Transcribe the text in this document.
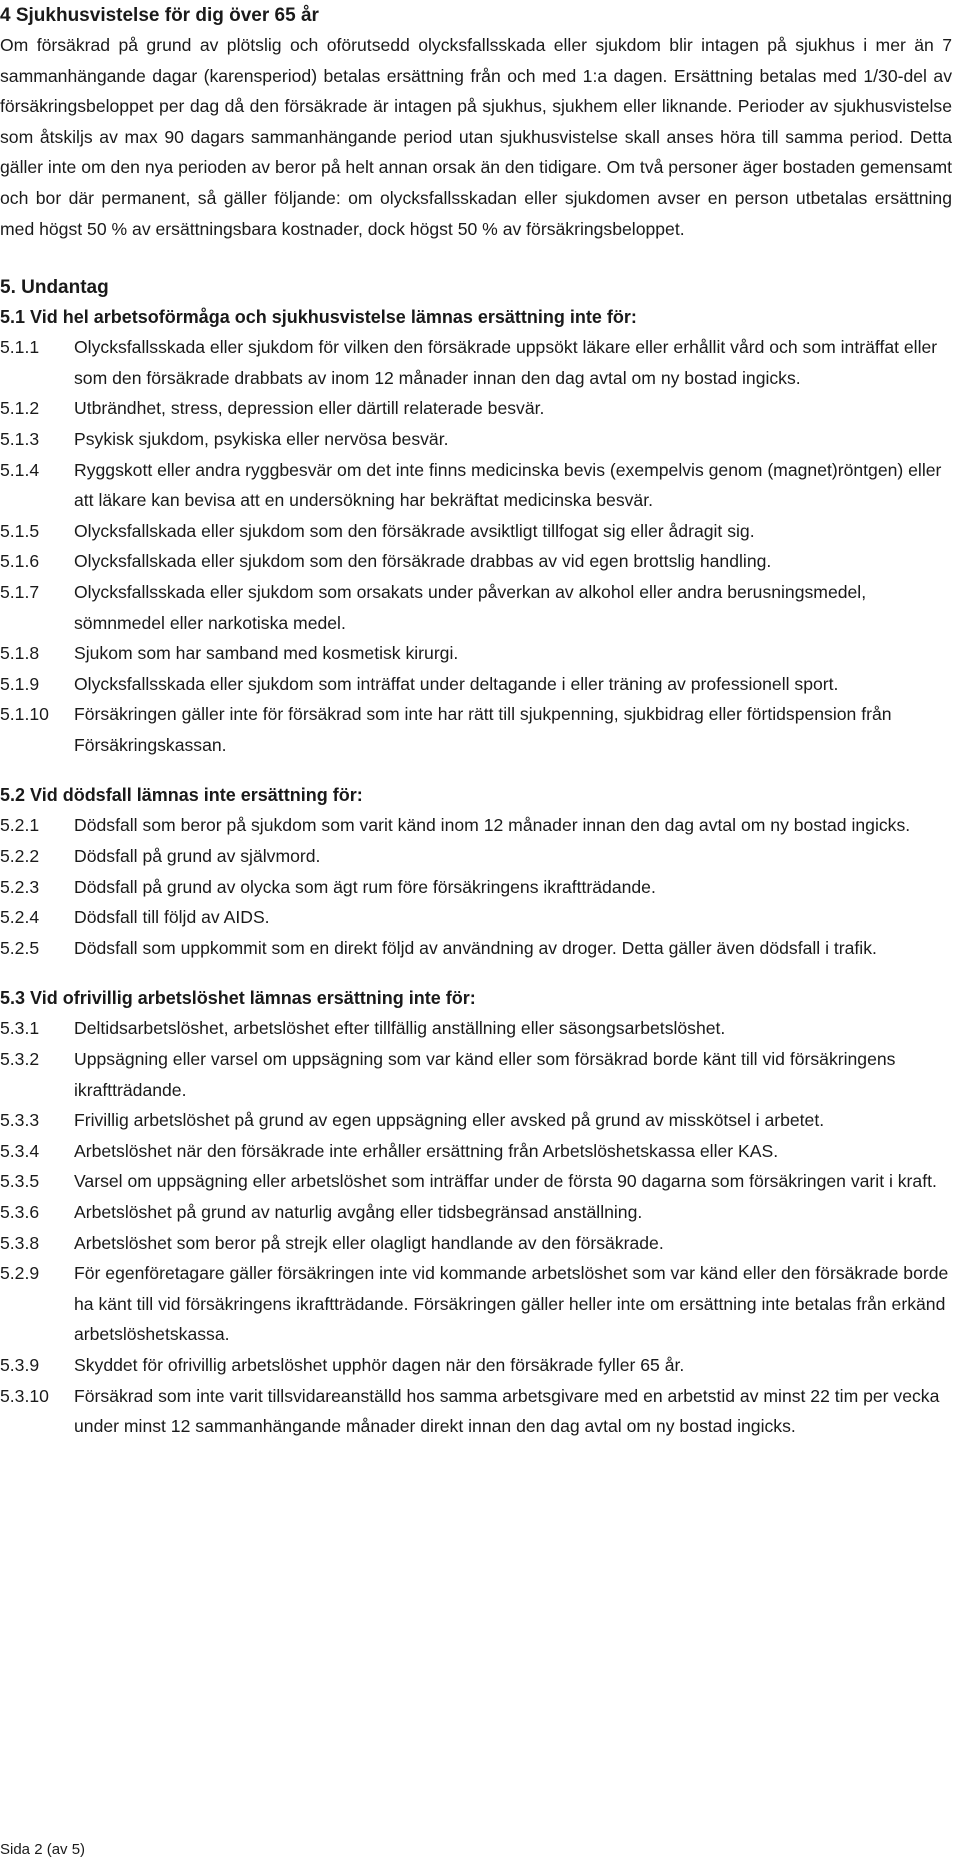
4 Sjukhusvistelse för dig över 65 år

Om försäkrad på grund av plötslig och oförutsedd olycksfallsskada eller sjukdom blir intagen på sjukhus i mer än 7 sammanhängande dagar (karensperiod) betalas ersättning från och med 1:a dagen. Ersättning betalas med 1/30-del av försäkringsbeloppet per dag då den försäkrade är intagen på sjukhus, sjukhem eller liknande. Perioder av sjukhusvistelse som åtskiljs av max 90 dagars sammanhängande period utan sjukhusvistelse skall anses höra till samma period. Detta gäller inte om den nya perioden av beror på helt annan orsak än den tidigare. Om två personer äger bostaden gemensamt och bor där permanent, så gäller följande: om olycksfallsskadan eller sjukdomen avser en person utbetalas ersättning med högst 50 % av ersättningsbara kostnader, dock högst 50 % av försäkringsbeloppet.

5. Undantag
5.1 Vid hel arbetsoförmåga och sjukhusvistelse lämnas ersättning inte för:
5.1.1	Olycksfallsskada eller sjukdom för vilken den försäkrade uppsökt läkare eller erhållit vård och som inträffat eller som den försäkrade drabbats av inom 12 månader innan den dag avtal om ny bostad ingicks.
5.1.2	Utbrändhet, stress, depression eller därtill relaterade besvär.
5.1.3	Psykisk sjukdom, psykiska eller nervösa besvär.
5.1.4	Ryggskott eller andra ryggbesvär om det inte finns medicinska bevis (exempelvis genom (magnet)röntgen) eller att läkare kan bevisa att en undersökning har bekräftat medicinska besvär.
5.1.5	Olycksfallskada eller sjukdom som den försäkrade avsiktligt tillfogat sig eller ådragit sig.
5.1.6	Olycksfallskada eller sjukdom som den försäkrade drabbas av vid egen brottslig handling.
5.1.7	Olycksfallsskada eller sjukdom som orsakats under påverkan av alkohol eller andra berusningsmedel, sömnmedel eller narkotiska medel.
5.1.8	Sjukom som har samband med kosmetisk kirurgi.
5.1.9	Olycksfallsskada eller sjukdom som inträffat under deltagande i eller träning av professionell sport.
5.1.10	Försäkringen gäller inte för försäkrad som inte har rätt till sjukpenning, sjukbidrag eller förtidspension från Försäkringskassan.
5.2 Vid dödsfall lämnas inte ersättning för:
5.2.1	Dödsfall som beror på sjukdom som varit känd inom 12 månader innan den dag avtal om ny bostad ingicks.
5.2.2	Dödsfall på grund av självmord.
5.2.3	Dödsfall på grund av olycka som ägt rum före försäkringens ikraftträdande.
5.2.4	Dödsfall till följd av AIDS.
5.2.5	Dödsfall som uppkommit som en direkt följd av användning av droger. Detta gäller även dödsfall i trafik.
5.3 Vid ofrivillig arbetslöshet lämnas ersättning inte för:
5.3.1	Deltidsarbetslöshet, arbetslöshet efter tillfällig anställning eller säsongsarbetslöshet.
5.3.2	Uppsägning eller varsel om uppsägning som var känd eller som försäkrad borde känt till vid försäkringens ikraftträdande.
5.3.3	Frivillig arbetslöshet på grund av egen uppsägning eller avsked på grund av misskötsel i arbetet.
5.3.4	Arbetslöshet när den försäkrade inte erhåller ersättning från Arbetslöshetskassa eller KAS.
5.3.5	Varsel om uppsägning eller arbetslöshet som inträffar under de första 90 dagarna som försäkringen varit i kraft.
5.3.6	Arbetslöshet på grund av naturlig avgång eller tidsbegränsad anställning.
5.3.8	Arbetslöshet som beror på strejk eller olagligt handlande av den försäkrade.
5.2.9	För egenföretagare gäller försäkringen inte vid kommande arbetslöshet som var känd eller den försäkrade borde ha känt till vid försäkringens ikraftträdande. Försäkringen gäller heller inte om ersättning inte betalas från erkänd arbetslöshetskassa.
5.3.9	Skyddet för ofrivillig arbetslöshet upphör dagen när den försäkrade fyller 65 år.
5.3.10	Försäkrad som inte varit tillsvidareanställd hos samma arbetsgivare med en arbetstid av minst 22 tim per vecka under minst 12 sammanhängande månader direkt innan den dag avtal om ny bostad ingicks.
Sida 2 (av 5)
